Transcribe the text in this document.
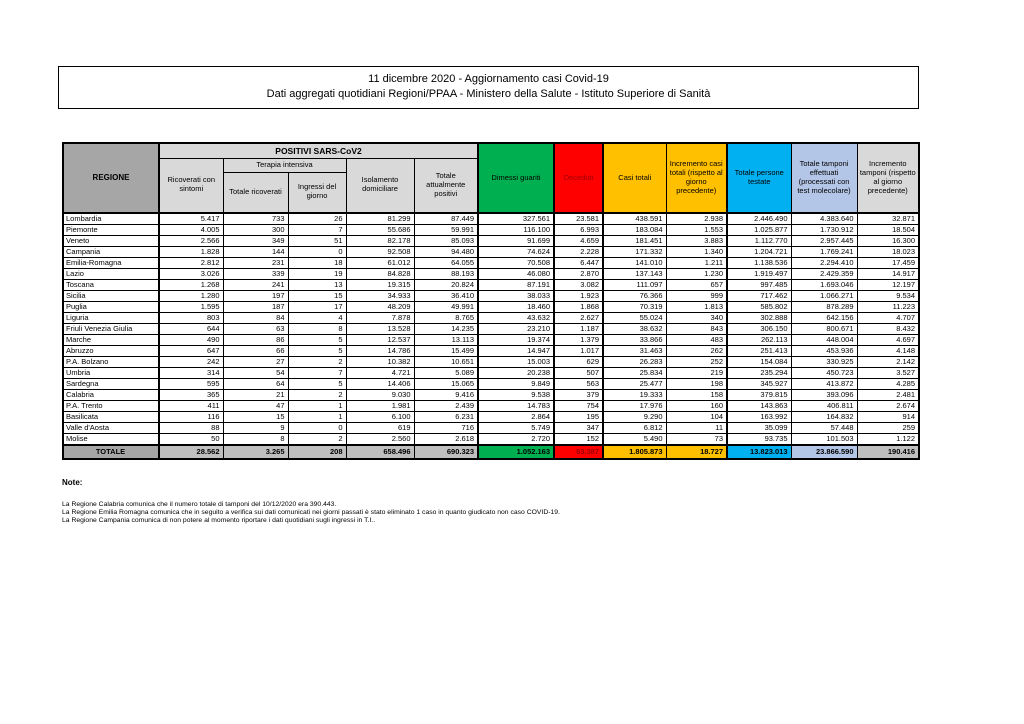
11 dicembre 2020 - Aggiornamento casi Covid-19
Dati aggregati quotidiani Regioni/PPAA - Ministero della Salute - Istituto Superiore di Sanità
REGIONE	POSITIVI SARS-CoV2					Dimessi guariti	Deceduti	Casi totali	Incremento casi totali (rispetto al giorno precedente)	Totale persone testate	Totale tamponi effettuati (processati con test molecolare)	Incremento tamponi (rispetto al giorno precedente)
	Ricoverati con sintomi	Terapia intensiva		Isolamento domiciliare	Totale attualmente positivi							
		Totale ricoverati	Ingressi del giorno									
Lombardia	5.417	733	26	81.299	87.449	327.561	23.581	438.591	2.938	2.446.490	4.383.640	32.871
Piemonte	4.005	300	7	55.686	59.991	116.100	6.993	183.084	1.553	1.025.877	1.730.912	18.504
Veneto	2.566	349	51	82.178	85.093	91.699	4.659	181.451	3.883	1.112.770	2.957.445	16.300
Campania	1.828	144	0	92.508	94.480	74.624	2.228	171.332	1.340	1.204.721	1.769.241	18.023
Emilia-Romagna	2.812	231	18	61.012	64.055	70.508	6.447	141.010	1.211	1.138.536	2.294.410	17.459
Lazio	3.026	339	19	84.828	88.193	46.080	2.870	137.143	1.230	1.919.497	2.429.359	14.917
Toscana	1.268	241	13	19.315	20.824	87.191	3.082	111.097	657	997.485	1.693.046	12.197
Sicilia	1.280	197	15	34.933	36.410	38.033	1.923	76.366	999	717.462	1.066.271	9.534
Puglia	1.595	187	17	48.209	49.991	18.460	1.868	70.319	1.813	585.802	878.289	11.223
Liguria	803	84	4	7.878	8.765	43.632	2.627	55.024	340	302.888	642.156	4.707
Friuli Venezia Giulia	644	63	8	13.528	14.235	23.210	1.187	38.632	843	306.150	800.671	8.432
Marche	490	86	5	12.537	13.113	19.374	1.379	33.866	483	262.113	448.004	4.697
Abruzzo	647	66	5	14.786	15.499	14.947	1.017	31.463	262	251.413	453.936	4.148
P.A. Bolzano	242	27	2	10.382	10.651	15.003	629	26.283	252	154.084	330.925	2.142
Umbria	314	54	7	4.721	5.089	20.238	507	25.834	219	235.294	450.723	3.527
Sardegna	595	64	5	14.406	15.065	9.849	563	25.477	198	345.927	413.872	4.285
Calabria	365	21	2	9.030	9.416	9.538	379	19.333	158	379.815	393.096	2.481
P.A. Trento	411	47	1	1.981	2.439	14.783	754	17.976	160	143.863	406.811	2.674
Basilicata	116	15	1	6.100	6.231	2.864	195	9.290	104	163.992	164.832	914
Valle d'Aosta	88	9	0	619	716	5.749	347	6.812	11	35.099	57.448	259
Molise	50	8	2	2.560	2.618	2.720	152	5.490	73	93.735	101.503	1.122
TOTALE	28.562	3.265	208	658.496	690.323	1.052.163	63.387	1.805.873	18.727	13.823.013	23.866.590	190.416
Note:
La Regione Calabria comunica che il numero totale di tamponi del 10/12/2020 era 390.443.
La Regione Emilia Romagna comunica che in seguito a verifica sui dati comunicati nei giorni passati è stato eliminato 1 caso in quanto giudicato non caso COVID-19.
La Regione Campania comunica di non potere al momento riportare i dati quotidiani sugli ingressi in T.I..
